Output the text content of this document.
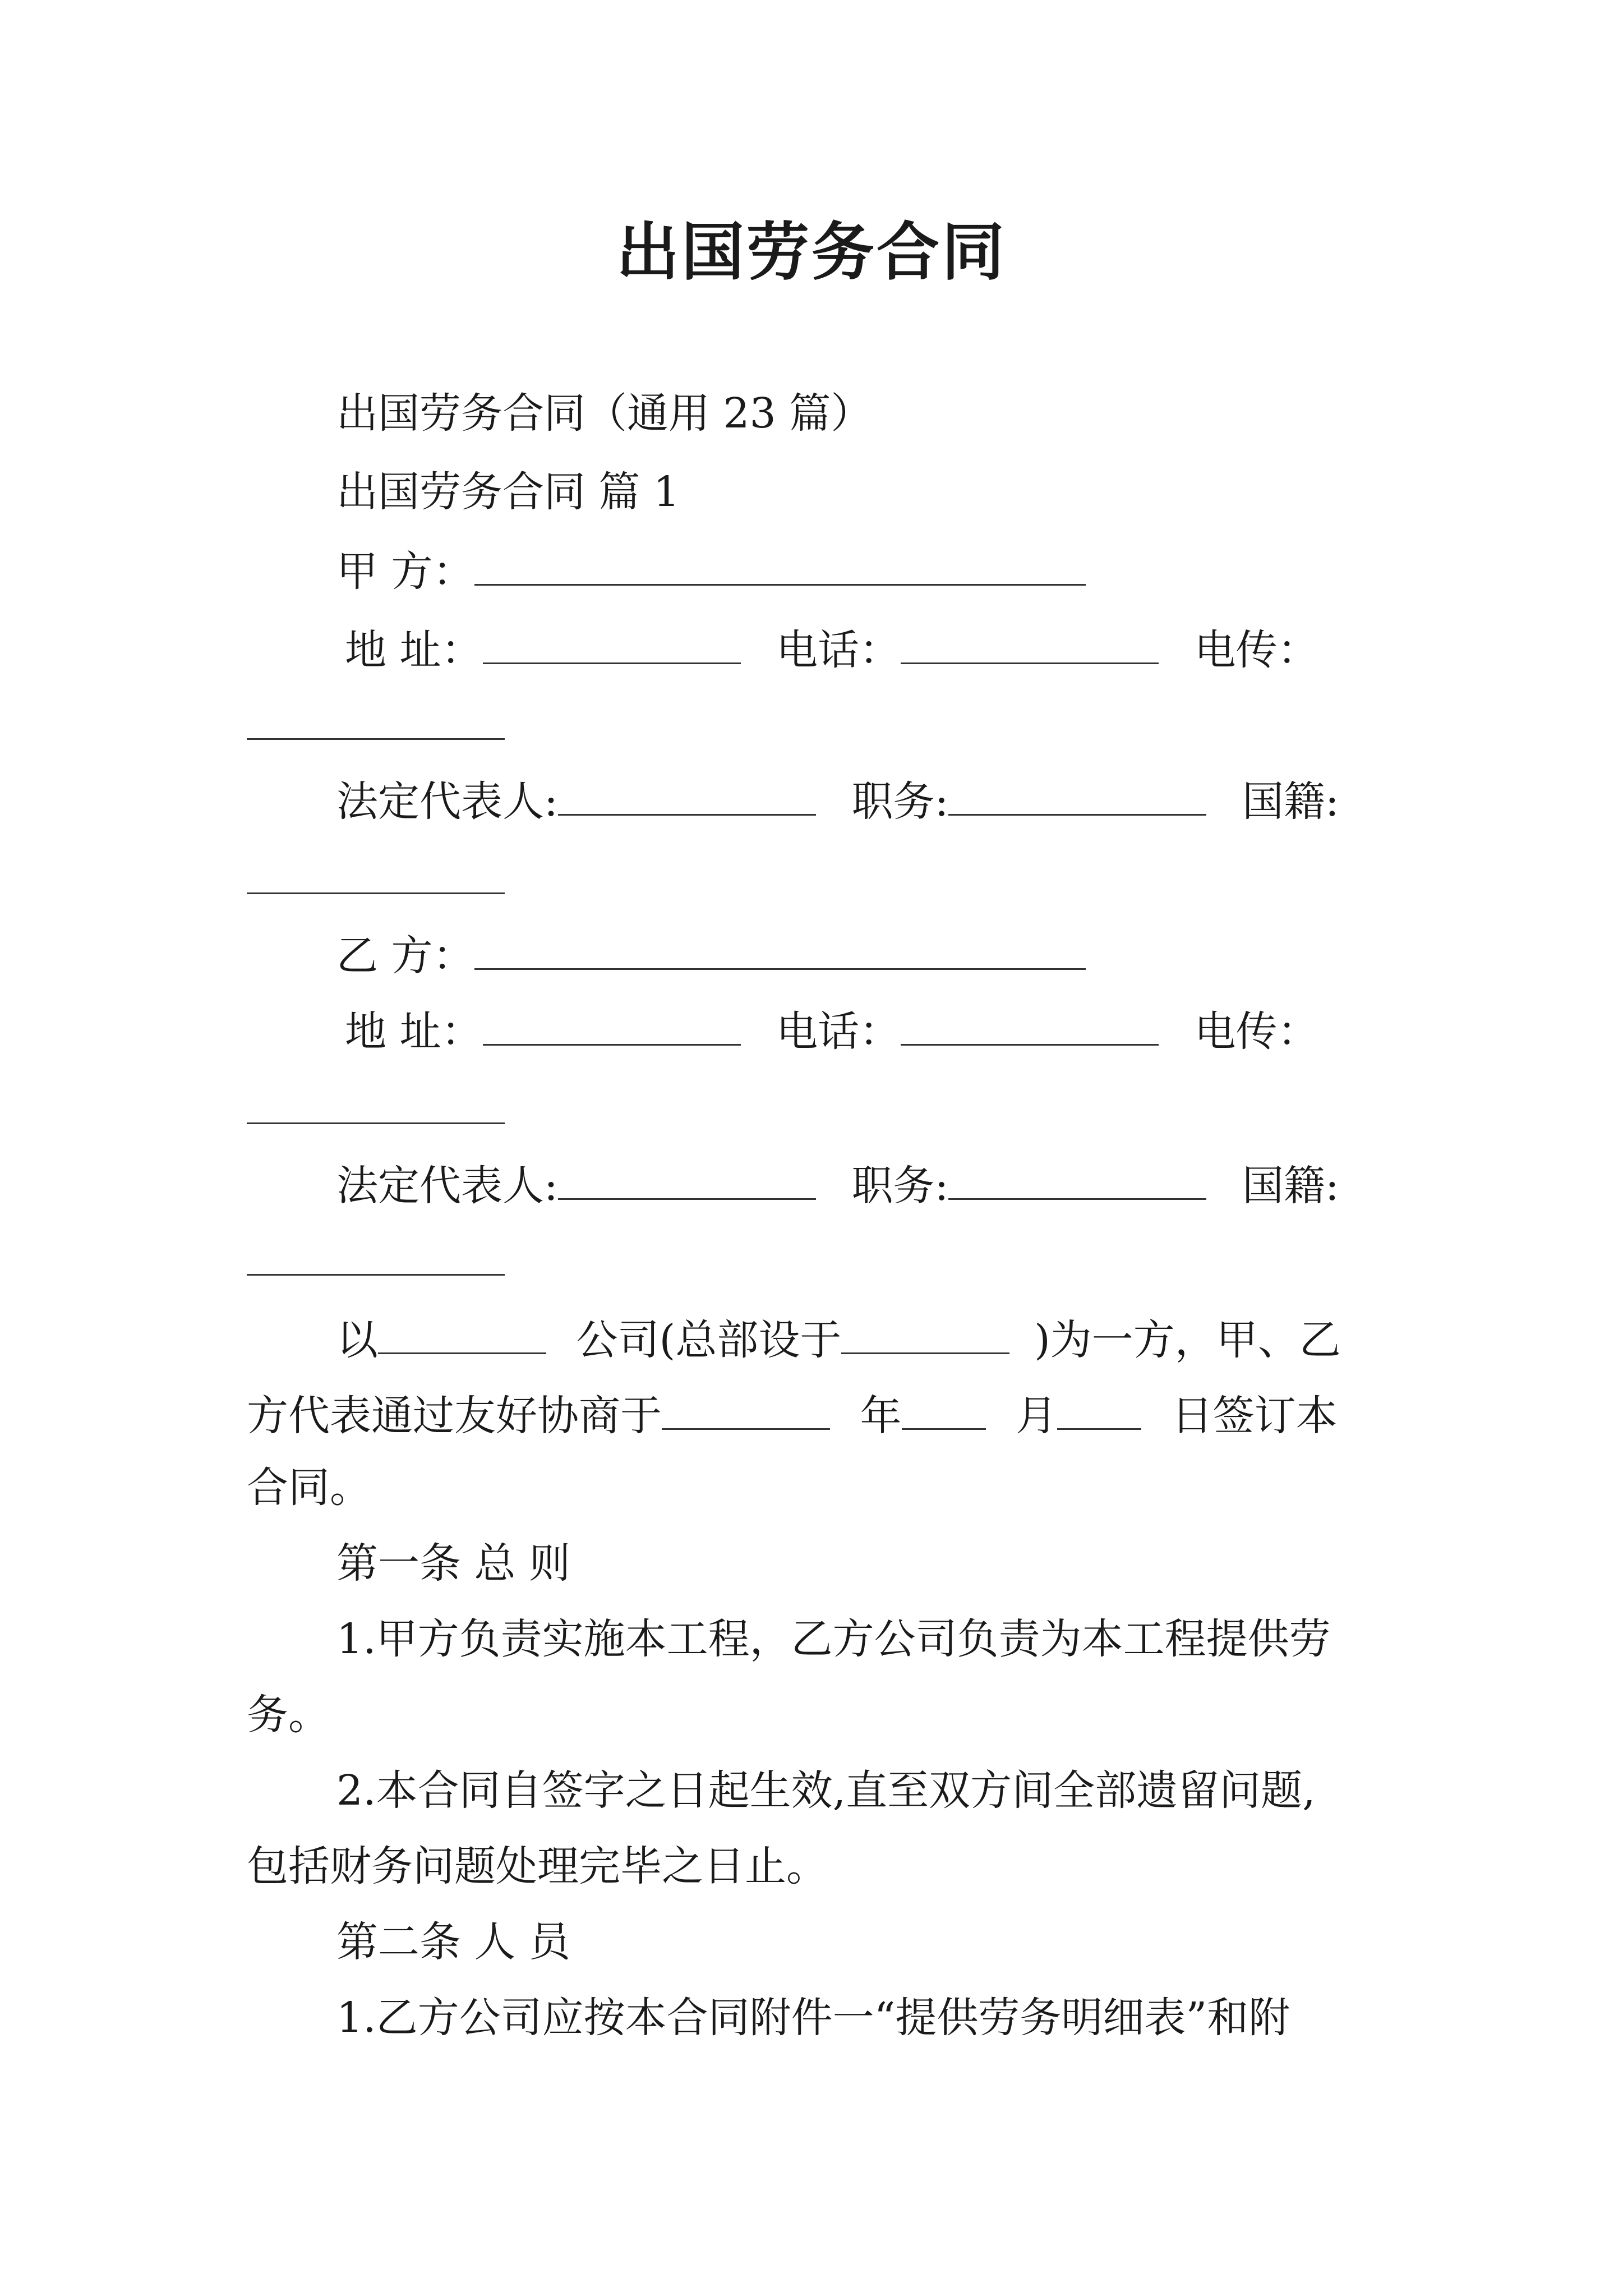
出国劳务合同
出国劳务合同（通用 23 篇）
出国劳务合同 篇 1
甲 方：
地 址：	电话：	电传：
法定代表人:	职务:	国籍:
乙 方：
地 址：	电话：	电传：
法定代表人:	职务:	国籍:
以	公司(总部设于	)为一方，甲、乙
方代表通过友好协商于	年	月	日签订本
合同。
第一条 总 则
1.甲方负责实施本工程，乙方公司负责为本工程提供劳
务。
2.本合同自签字之日起生效,直至双方间全部遗留问题,
包括财务问题处理完毕之日止。
第二条 人 员
1.乙方公司应按本合同附件一“提供劳务明细表”和附
